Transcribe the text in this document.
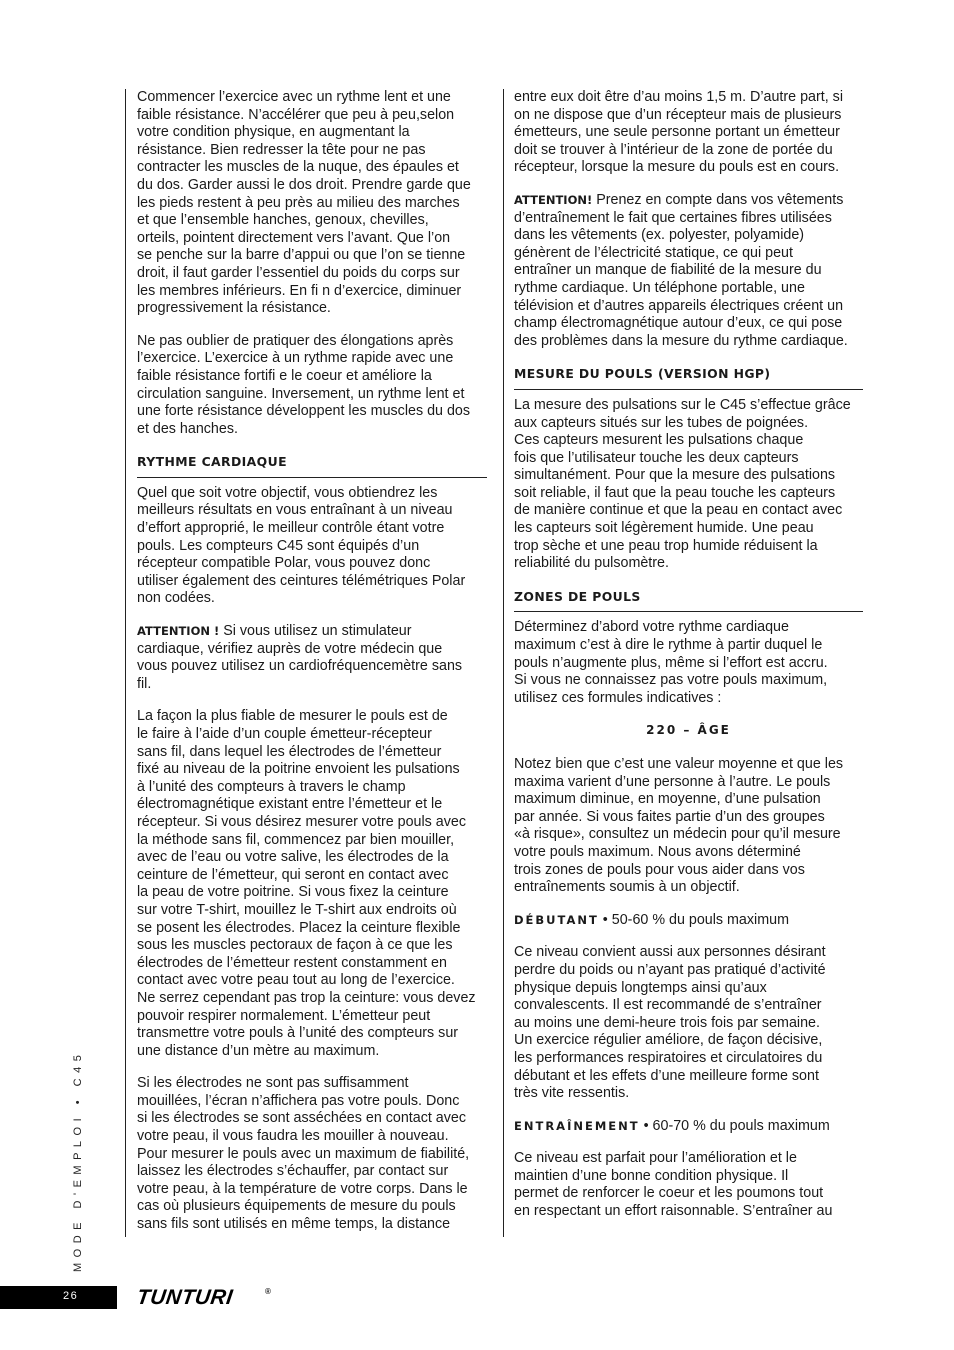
Commencer l’exercice avec un rythme lent et une
faible résistance. N’accélérer que peu à peu,selon
votre condition physique, en augmentant la
résistance. Bien redresser la tête pour ne pas
contracter les muscles de la nuque, des épaules et
du dos. Garder aussi le dos droit. Prendre garde que
les pieds restent à peu près au milieu des marches
et que l’ensemble hanches, genoux, chevilles,
orteils, pointent directement vers l’avant. Que l’on
se penche sur la barre d’appui ou que l’on se tienne
droit, il faut garder l’essentiel du poids du corps sur
les membres inférieurs. En fi n d’exercice, diminuer
progressivement la résistance.

Ne pas oublier de pratiquer des élongations après
l’exercice. L’exercice à un rythme rapide avec une
faible résistance fortifi e le coeur et améliore la
circulation sanguine. Inversement, un rythme lent et
une forte résistance développent les muscles du dos
et des hanches.

RYTHME CARDIAQUE

Quel que soit votre objectif, vous obtiendrez les
meilleurs résultats en vous entraînant à un niveau
d’effort approprié, le meilleur contrôle étant votre
pouls. Les compteurs C45 sont équipés d’un
récepteur compatible Polar, vous pouvez donc
utiliser également des ceintures télémétriques Polar
non codées.

ATTENTION ! Si vous utilisez un stimulateur
cardiaque, vérifiez auprès de votre médecin que
vous pouvez utilisez un cardiofréquencemètre sans
fil.

La façon la plus fiable de mesurer le pouls est de
le faire à l’aide d’un couple émetteur-récepteur
sans fil, dans lequel les électrodes de l’émetteur
fixé au niveau de la poitrine envoient les pulsations
à l’unité des compteurs à travers le champ
électromagnétique existant entre l’émetteur et le
récepteur. Si vous désirez mesurer votre pouls avec
la méthode sans fil, commencez par bien mouiller,
avec de l’eau ou votre salive, les électrodes de la
ceinture de l’émetteur, qui seront en contact avec
la peau de votre poitrine. Si vous fixez la ceinture
sur votre T-shirt, mouillez le T-shirt aux endroits où
se posent les électrodes. Placez la ceinture flexible
sous les muscles pectoraux de façon à ce que les
électrodes de l’émetteur restent constamment en
contact avec votre peau tout au long de l’exercice.
Ne serrez cependant pas trop la ceinture: vous devez
pouvoir respirer normalement. L’émetteur peut
transmettre votre pouls à l’unité des compteurs sur
une distance d’un mètre au maximum.

Si les électrodes ne sont pas suffisamment
mouillées, l’écran n’affichera pas votre pouls. Donc
si les électrodes se sont asséchées en contact avec
votre peau, il vous faudra les mouiller à nouveau.
Pour mesurer le pouls avec un maximum de fiabilité,
laissez les électrodes s’échauffer, par contact sur
votre peau, à la température de votre corps. Dans le
cas où plusieurs équipements de mesure du pouls
sans fils sont utilisés en même temps, la distance

entre eux doit être d’au moins 1,5 m. D’autre part, si
on ne dispose que d’un récepteur mais de plusieurs
émetteurs, une seule personne portant un émetteur
doit se trouver à l’intérieur de la zone de portée du
récepteur, lorsque la mesure du pouls est en cours.

ATTENTION! Prenez en compte dans vos vêtements
d’entraînement le fait que certaines fibres utilisées
dans les vêtements (ex. polyester, polyamide)
génèrent de l’électricité statique, ce qui peut
entraîner un manque de fiabilité de la mesure du
rythme cardiaque. Un téléphone portable, une
télévision et d’autres appareils électriques créent un
champ électromagnétique autour d’eux, ce qui pose
des problèmes dans la mesure du rythme cardiaque.

MESURE DU POULS (VERSION HGP)

La mesure des pulsations sur le C45 s’effectue grâce
aux capteurs situés sur les tubes de poignées.
Ces capteurs mesurent les pulsations chaque
fois que l’utilisateur touche les deux capteurs
simultanément. Pour que la mesure des pulsations
soit reliable, il faut que la peau touche les capteurs
de manière continue et que la peau en contact avec
les capteurs soit légèrement humide. Une peau
trop sèche et une peau trop humide réduisent la
reliabilité du pulsomètre.

ZONES DE POULS

Déterminez d’abord votre rythme cardiaque
maximum c’est à dire le rythme à partir duquel le
pouls n’augmente plus, même si l’effort est accru.
Si vous ne connaissez pas votre pouls maximum,
utilisez ces formules indicatives :

220 – ÂGE

Notez bien que c’est une valeur moyenne et que les
maxima varient d’une personne à l’autre. Le pouls
maximum diminue, en moyenne, d’une pulsation
par année. Si vous faites partie d’un des groupes
«à risque», consultez un médecin pour qu’il mesure
votre pouls maximum. Nous avons déterminé
trois zones de pouls pour vous aider dans vos
entraînements soumis à un objectif.

DÉBUTANT • 50-60 % du pouls maximum

Ce niveau convient aussi aux personnes désirant
perdre du poids ou n’ayant pas pratiqué d’activité
physique depuis longtemps ainsi qu’aux
convalescents. Il est recommandé de s’entraîner
au moins une demi-heure trois fois par semaine.
Un exercice régulier améliore, de façon décisive,
les performances respiratoires et circulatoires du
débutant et les effets d’une meilleure forme sont
très vite ressentis.

ENTRAÎNEMENT • 60-70 % du pouls maximum

Ce niveau est parfait pour l’amélioration et le
maintien d’une bonne condition physique. Il
permet de renforcer le coeur et les poumons tout
en respectant un effort raisonnable. S’entraîner au

MODE D'EMPLOI • C45
26	TUNTURI	®
